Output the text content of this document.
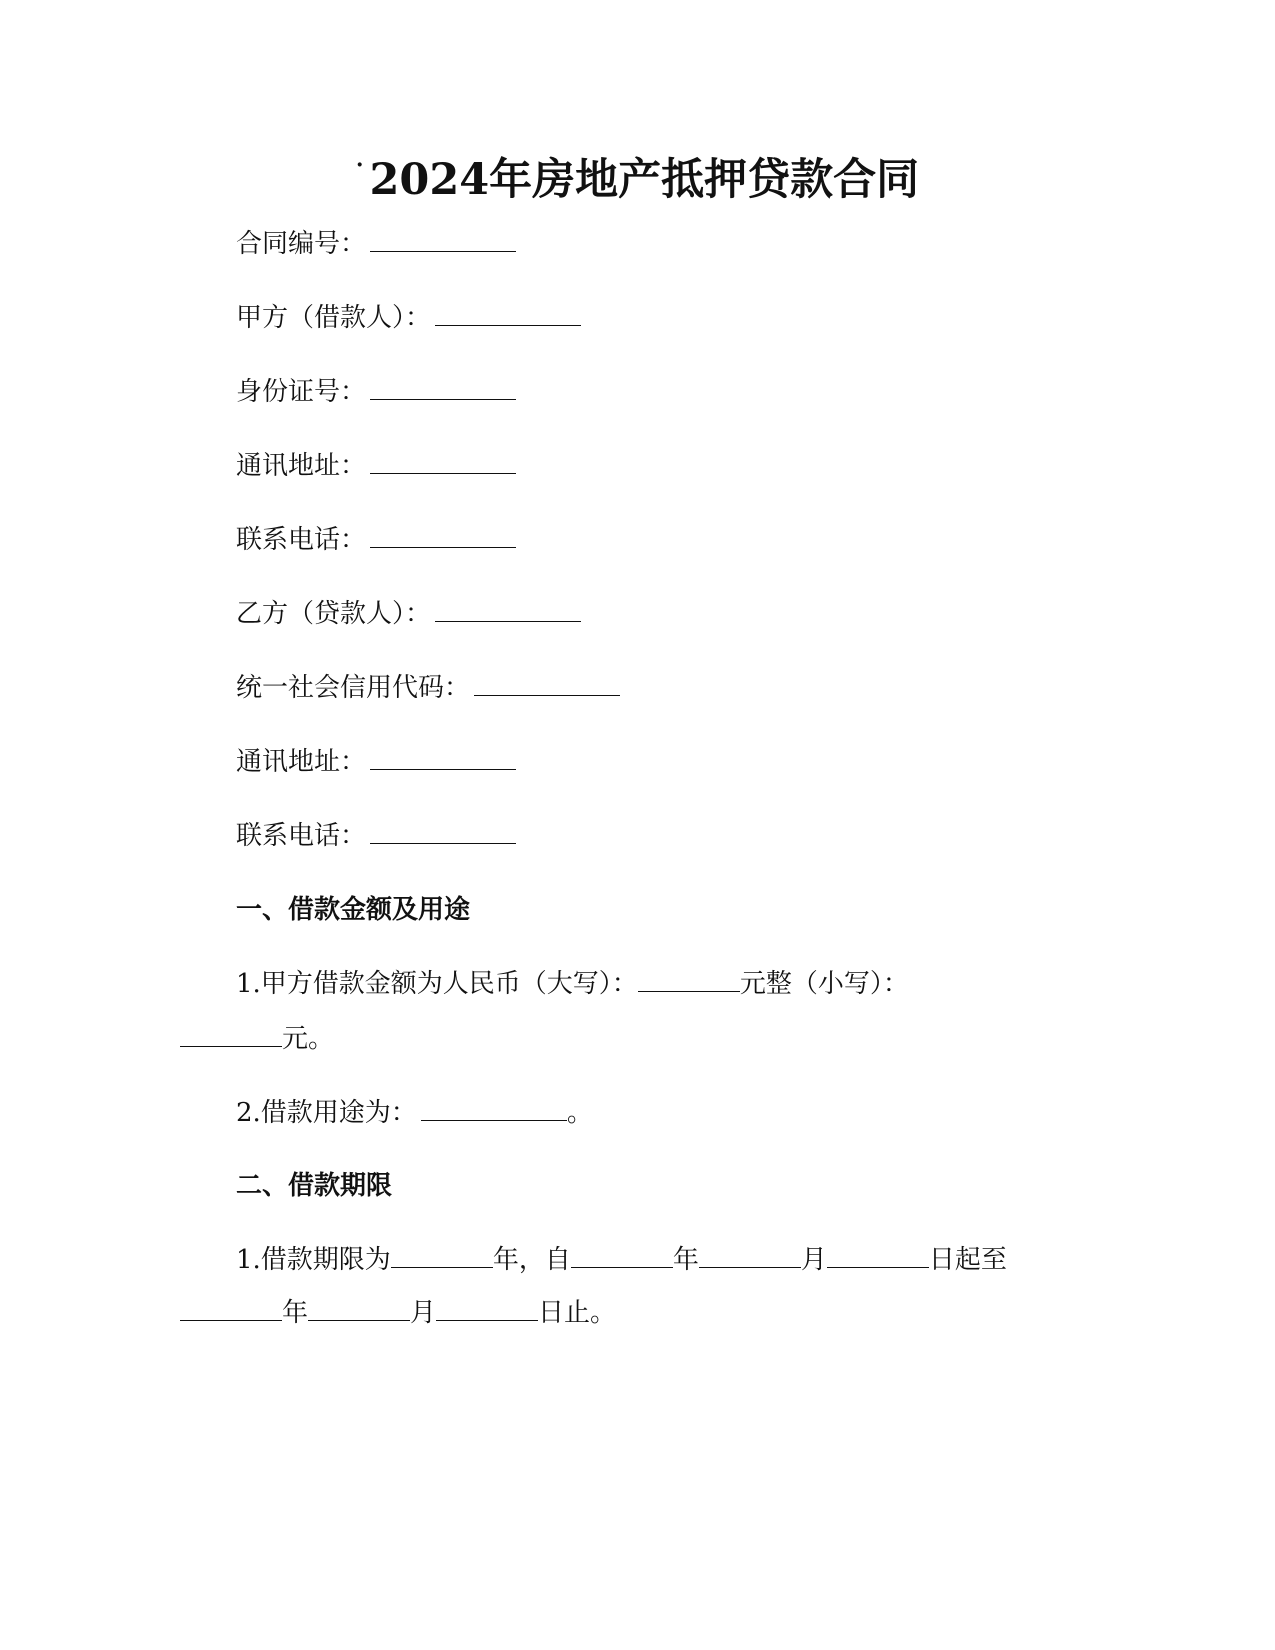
· 2024年房地产抵押贷款合同
合同编号：
甲方（借款人）：
身份证号：
通讯地址：
联系电话：
乙方（贷款人）：
统一社会信用代码：
通讯地址：
联系电话：
一、借款金额及用途
1.甲方借款金额为人民币（大写）：	元整（小写）：
元。
2.借款用途为：	。
二、借款期限
1.借款期限为	年，自	年	月	日起至
年	月	日止。
